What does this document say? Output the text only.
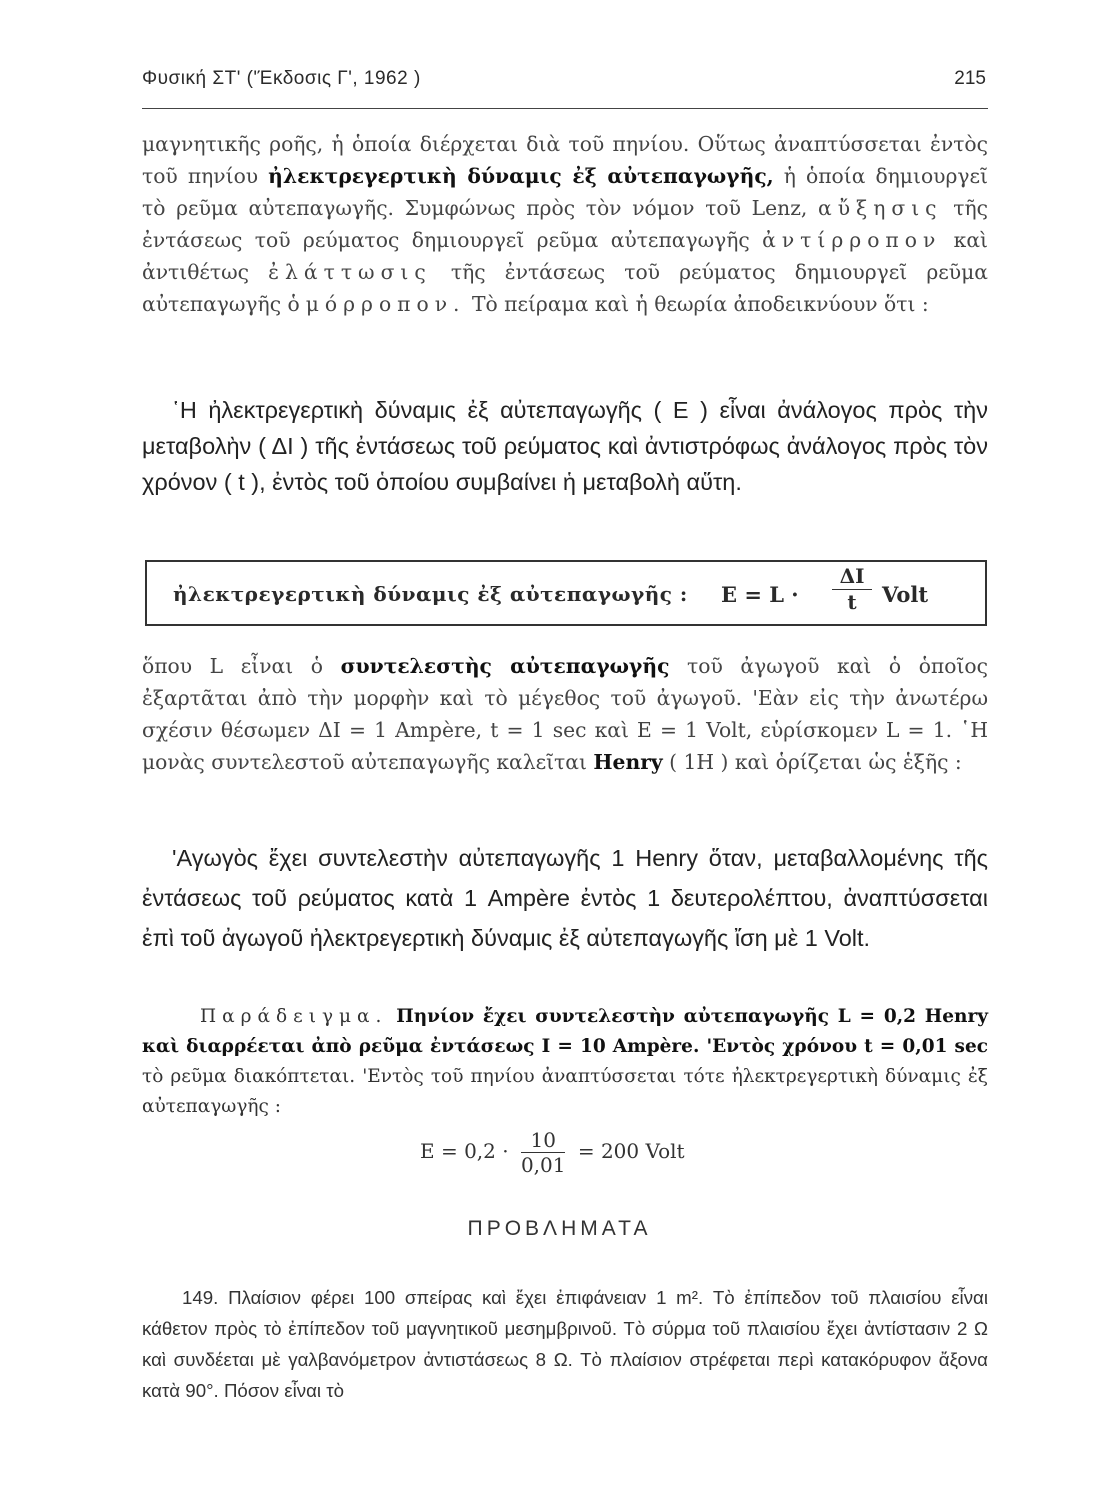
Φυσική ΣΤ' ('Έκδοσις Γ', 1962 )	215

μαγνητικῆς ροῆς, ἡ ὁποία διέρχεται διὰ τοῦ πηνίου. Οὕτως ἀναπτύσσεται ἐντὸς τοῦ πηνίου ἠλεκτρεγερτικὴ δύναμις ἐξ αὐτεπαγωγῆς, ἡ ὁποία δημιουργεῖ τὸ ρεῦμα αὐτεπαγωγῆς. Συμφώνως πρὸς τὸν νόμον τοῦ Lenz, αὔξησις τῆς ἐντάσεως τοῦ ρεύματος δημιουργεῖ ρεῦμα αὐτεπαγωγῆς ἀντίρροπον καὶ ἀντιθέτως ἐλάττωσις τῆς ἐντάσεως τοῦ ρεύματος δημιουργεῖ ρεῦμα αὐτεπαγωγῆς ὁμόρροπον. Τὸ πείραμα καὶ ἡ θεωρία ἀποδεικνύουν ὅτι :

῾Η ἠλεκτρεγερτικὴ δύναμις ἐξ αὐτεπαγωγῆς ( E ) εἶναι ἀνάλογος πρὸς τὴν μεταβολὴν ( ΔΙ ) τῆς ἐντάσεως τοῦ ρεύματος καὶ ἀντιστρόφως ἀνάλογος πρὸς τὸν χρόνον ( t ), ἐντὸς τοῦ ὁποίου συμβαίνει ἡ μεταβολὴ αὕτη.

ἠλεκτρεγερτικὴ δύναμις ἐξ αὐτεπαγωγῆς : $E = L \cdot \frac{\Delta I}{t}$ Volt

ὅπου L εἶναι ὁ συντελεστὴς αὐτεπαγωγῆς τοῦ ἀγωγοῦ καὶ ὁ ὁποῖος ἐξαρτᾶται ἀπὸ τὴν μορφὴν καὶ τὸ μέγεθος τοῦ ἀγωγοῦ. 'Εὰν εἰς τὴν ἀνωτέρω σχέσιν θέσωμεν ΔΙ = 1 Ampère, t = 1 sec καὶ E = 1 Volt, εὑρίσκομεν L = 1. ῾Η μονὰς συντελεστοῦ αὐτεπαγωγῆς καλεῖται Henry ( 1H ) καὶ ὁρίζεται ὡς ἑξῆς :

'Αγωγὸς ἔχει συντελεστὴν αὐτεπαγωγῆς 1 Henry ὅταν, μεταβαλλομένης τῆς ἐντάσεως τοῦ ρεύματος κατὰ 1 Ampère ἐντὸς 1 δευτερολέπτου, ἀναπτύσσεται ἐπὶ τοῦ ἀγωγοῦ ἠλεκτρεγερτικὴ δύναμις ἐξ αὐτεπαγωγῆς ἴση μὲ 1 Volt.

Παράδειγμα. Πηνίον ἔχει συντελεστὴν αὐτεπαγωγῆς L = 0,2 Henry καὶ διαρρέεται ἀπὸ ρεῦμα ἐντάσεως I = 10 Ampère. 'Εντὸς χρόνου t = 0,01 sec τὸ ρεῦμα διακόπτεται. 'Εντὸς τοῦ πηνίου ἀναπτύσσεται τότε ἠλεκτρεγερτικὴ δύναμις ἐξ αὐτεπαγωγῆς :

$E = 0,2 \cdot \frac{10}{0,01} = 200$ Volt
ΠΡΟΒΛΗΜΑΤΑ

149. Πλαίσιον φέρει 100 σπείρας καὶ ἔχει ἐπιφάνειαν 1 m². Τὸ ἐπίπεδον τοῦ πλαισίου εἶναι κάθετον πρὸς τὸ ἐπίπεδον τοῦ μαγνητικοῦ μεσημβρινοῦ. Τὸ σύρμα τοῦ πλαισίου ἔχει ἀντίστασιν 2 Ω καὶ συνδέεται μὲ γαλβανόμετρον ἀντιστάσεως 8 Ω. Τὸ πλαίσιον στρέφεται περὶ κατακόρυφον ἄξονα κατὰ 90°. Πόσον εἶναι τὸ
